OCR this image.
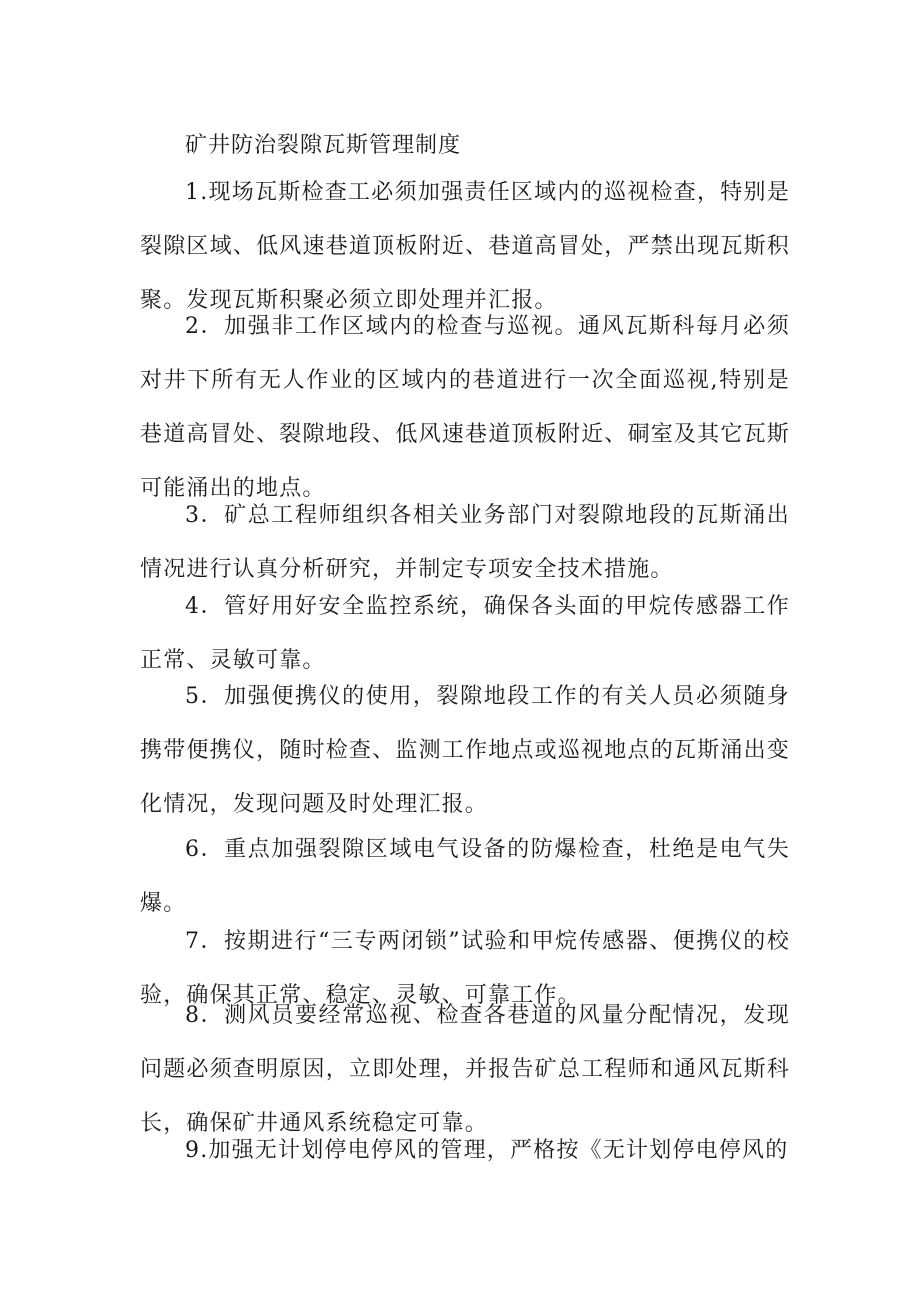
矿井防治裂隙瓦斯管理制度

1.现场瓦斯检查工必须加强责任区域内的巡视检查，特别是裂隙区域、低风速巷道顶板附近、巷道高冒处，严禁出现瓦斯积聚。发现瓦斯积聚必须立即处理并汇报。

2．加强非工作区域内的检查与巡视。通风瓦斯科每月必须对井下所有无人作业的区域内的巷道进行一次全面巡视,特别是巷道高冒处、裂隙地段、低风速巷道顶板附近、硐室及其它瓦斯可能涌出的地点。

3．矿总工程师组织各相关业务部门对裂隙地段的瓦斯涌出情况进行认真分析研究，并制定专项安全技术措施。

4．管好用好安全监控系统，确保各头面的甲烷传感器工作正常、灵敏可靠。

5．加强便携仪的使用，裂隙地段工作的有关人员必须随身携带便携仪，随时检查、监测工作地点或巡视地点的瓦斯涌出变化情况，发现问题及时处理汇报。

6．重点加强裂隙区域电气设备的防爆检查，杜绝是电气失爆。

7．按期进行“三专两闭锁”试验和甲烷传感器、便携仪的校验，确保其正常、稳定、灵敏、可靠工作。

8．测风员要经常巡视、检查各巷道的风量分配情况，发现问题必须查明原因，立即处理，并报告矿总工程师和通风瓦斯科长，确保矿井通风系统稳定可靠。

9.加强无计划停电停风的管理，严格按《无计划停电停风的
